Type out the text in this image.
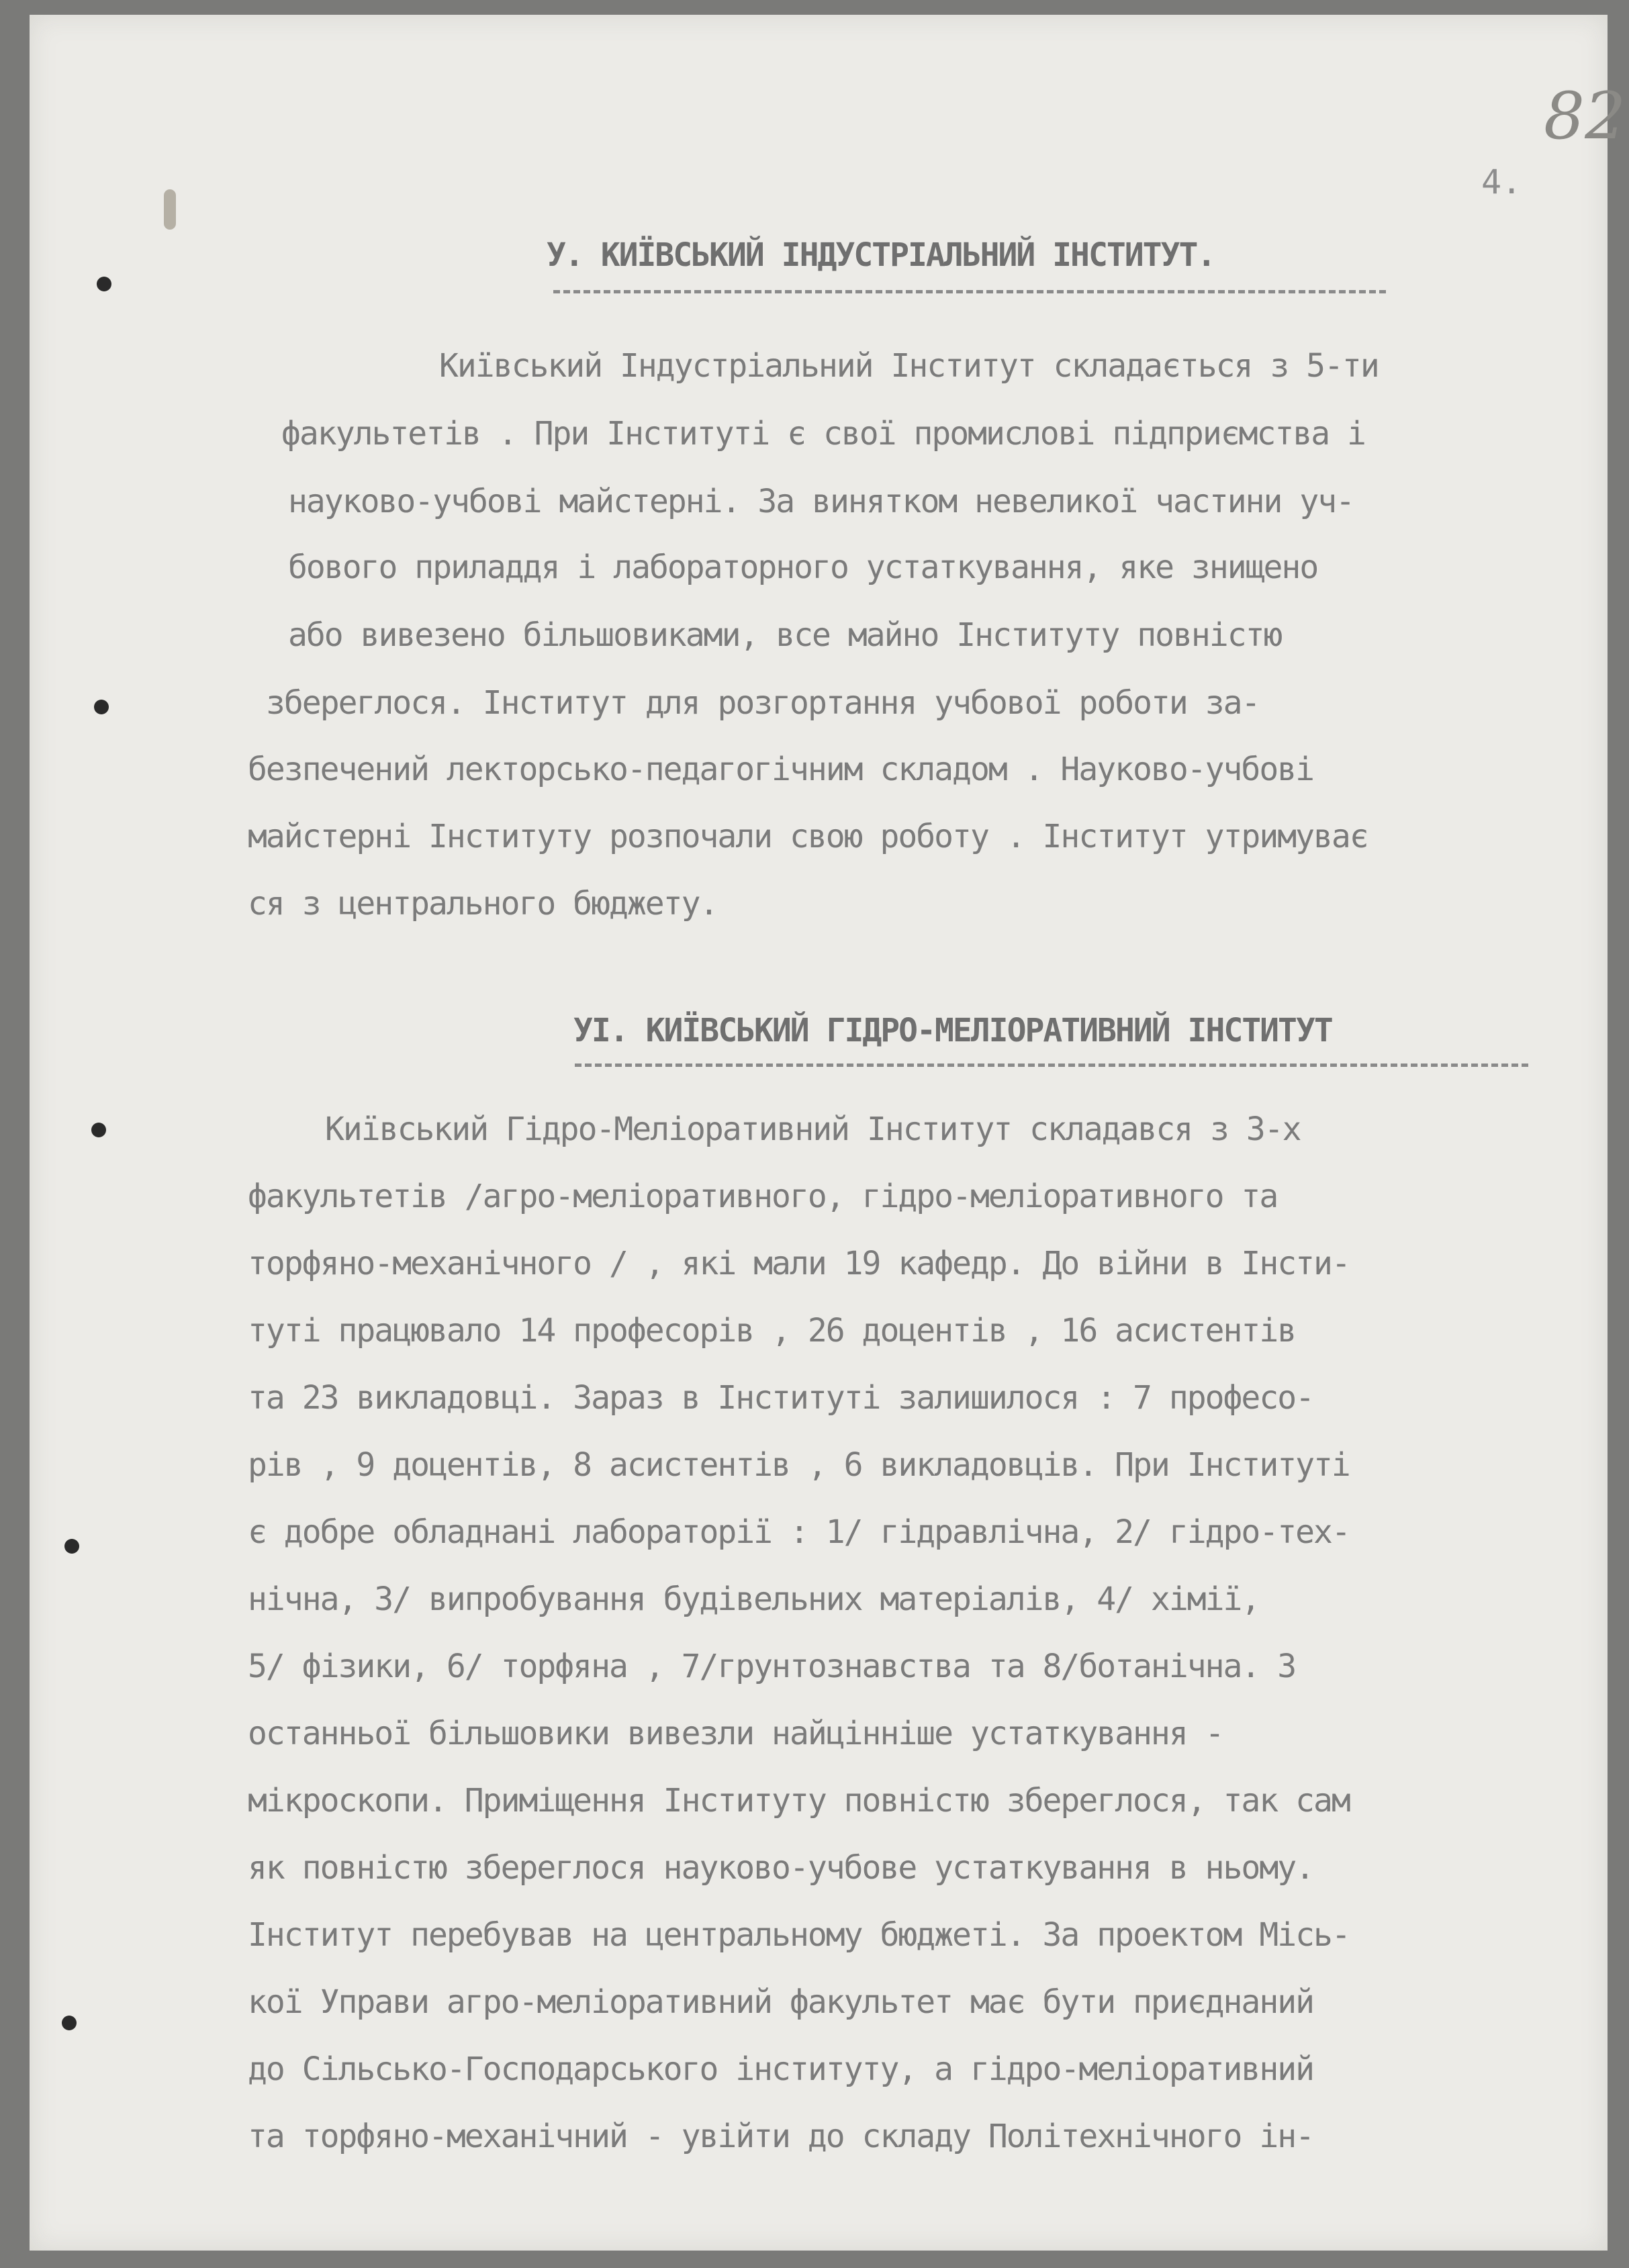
82
4.
У. КИЇВСЬКИЙ ІНДУСТРІАЛЬНИЙ ІНСТИТУТ.
Київський Індустріальний Інститут складається з 5-ти
факультетів . При Інституті є свої промислові підприємства і
науково-учбові майстерні. За винятком невеликої частини уч-
бового приладдя і лабораторного устаткування, яке знищено
або вивезено більшовиками, все майно Інституту повністю
збереглося. Інститут для розгортання учбової роботи за-
безпечений лекторсько-педагогічним складом . Науково-учбові
майстерні Інституту розпочали свою роботу . Інститут утримуває
ся з центрального бюджету.
УІ. КИЇВСЬКИЙ ГІДРО-МЕЛІОРАТИВНИЙ ІНСТИТУТ
Київський Гідро-Меліоративний Інститут складався з 3-х
факультетів /агро-меліоративного, гідро-меліоративного та
торфяно-механічного / , які мали 19 кафедр. До війни в Інсти-
туті працювало 14 професорів , 26 доцентів , 16 асистентів
та 23 викладовці. Зараз в Інституті залишилося : 7 професо-
рів , 9 доцентів, 8 асистентів , 6 викладовців. При Інституті
є добре обладнані лабораторії : 1/ гідравлічна, 2/ гідро-тех-
нічна, 3/ випробування будівельних матеріалів, 4/ хімії,
5/ фізики, 6/ торфяна , 7/грунтознавства та 8/ботанічна. З
останньої більшовики вивезли найцінніше устаткування -
мікроскопи. Приміщення Інституту повністю збереглося, так сам
як повністю збереглося науково-учбове устаткування в ньому.
Інститут перебував на центральному бюджеті. За проектом Місь-
кої Управи агро-меліоративний факультет має бути приєднаний
до Сільсько-Господарського інституту, а гідро-меліоративний
та торфяно-механічний - увійти до складу Політехнічного ін-
